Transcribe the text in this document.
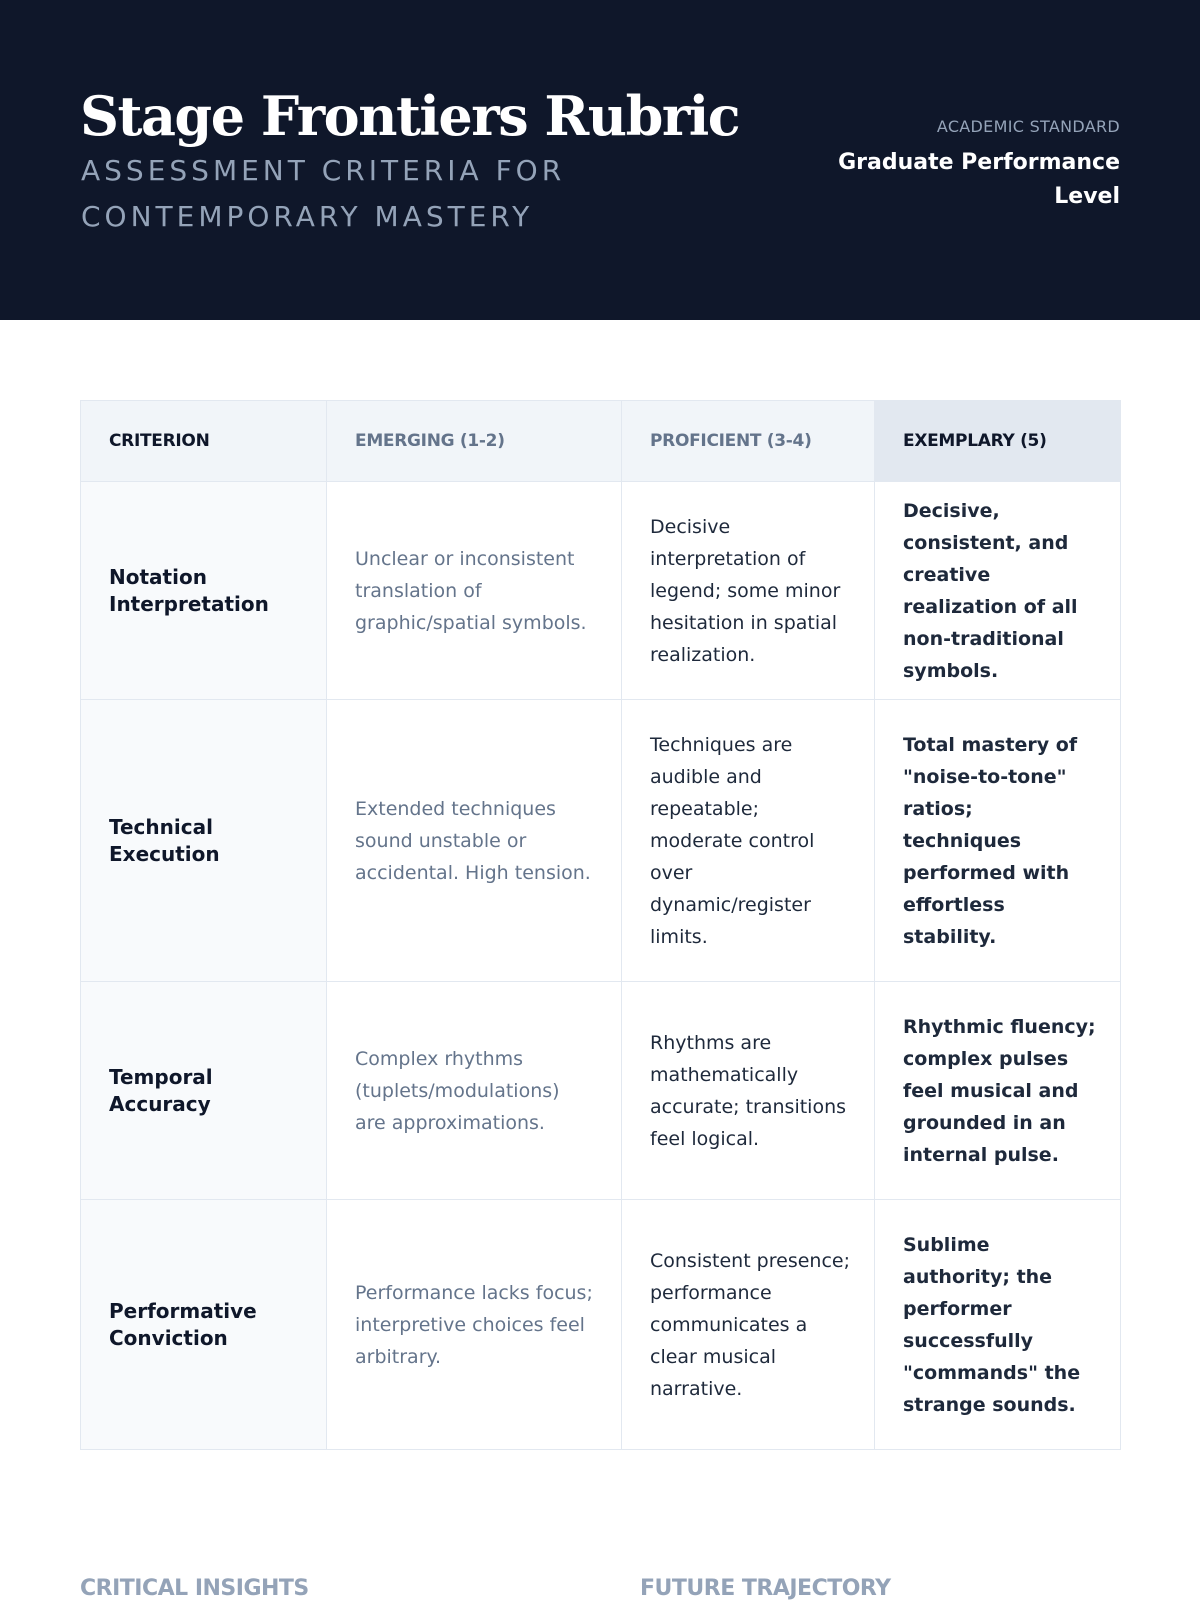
Stage Frontiers Rubric

ASSESSMENT CRITERIA FOR CONTEMPORARY MASTERY

ACADEMIC STANDARD
Graduate Performance Level
CRITERION	EMERGING (1-2)	PROFICIENT (3-4)	EXEMPLARY (5)
Notation Interpretation	Unclear or inconsistent translation of graphic/spatial symbols.	Decisive interpretation of legend; some minor hesitation in spatial realization.	Decisive, consistent, and creative realization of all non-traditional symbols.
Technical Execution	Extended techniques sound unstable or accidental. High tension.	Techniques are audible and repeatable; moderate control over dynamic/register limits.	Total mastery of "noise-to-tone" ratios; techniques performed with effortless stability.
Temporal Accuracy	Complex rhythms (tuplets/modulations) are approximations.	Rhythms are mathematically accurate; transitions feel logical.	Rhythmic fluency; complex pulses feel musical and grounded in an internal pulse.
Performative Conviction	Performance lacks focus; interpretive choices feel arbitrary.	Consistent presence; performance communicates a clear musical narrative.	Sublime authority; the performer successfully "commands" the strange sounds.
CRITICAL INSIGHTS	FUTURE TRAJECTORY
